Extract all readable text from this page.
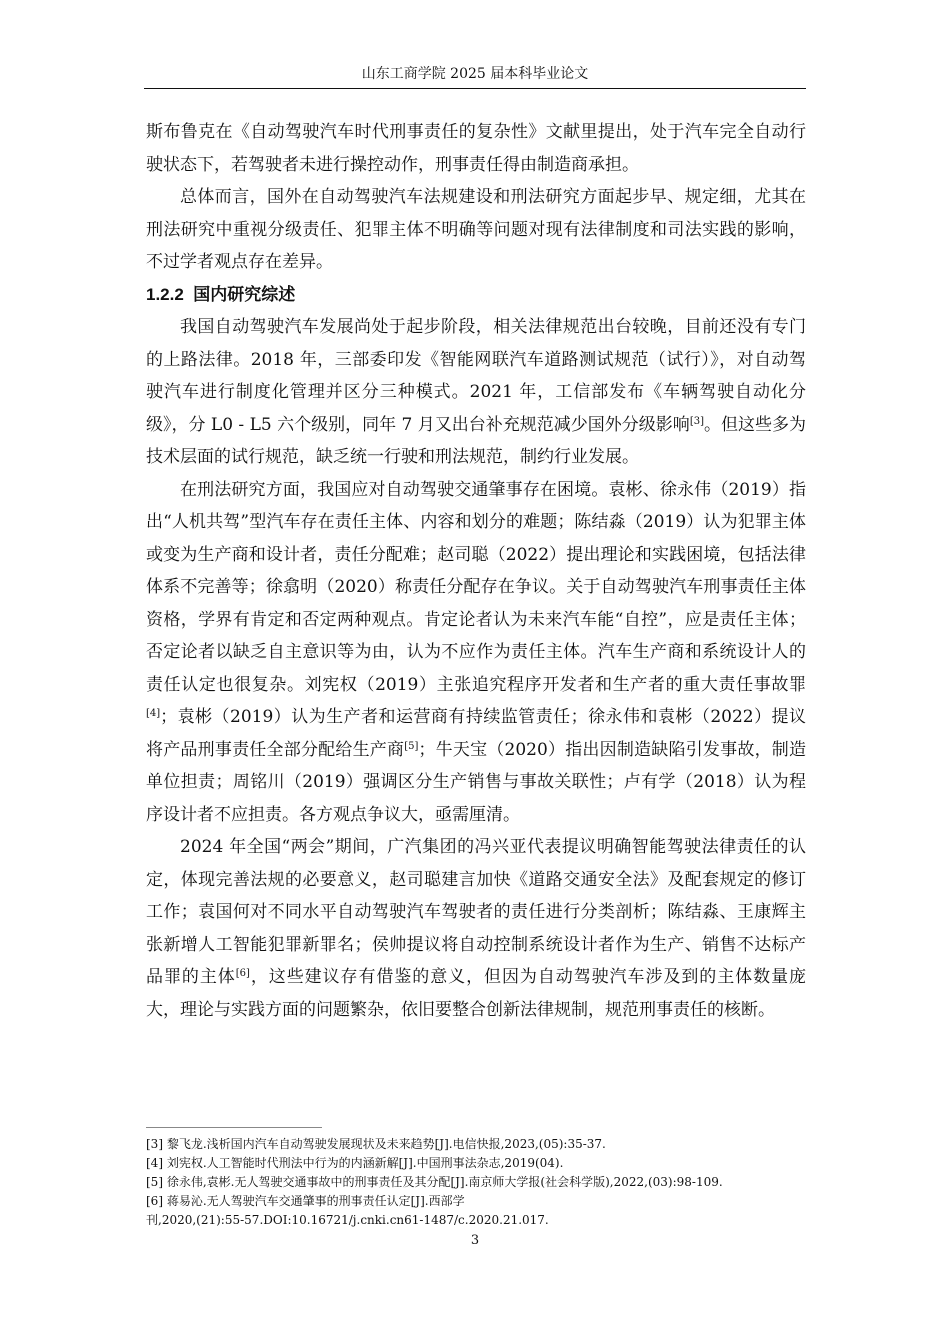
山东工商学院 2025 届本科毕业论文

斯布鲁克在《自动驾驶汽车时代刑事责任的复杂性》文献里提出，处于汽车完全自动行驶状态下，若驾驶者未进行操控动作，刑事责任得由制造商承担。

总体而言，国外在自动驾驶汽车法规建设和刑法研究方面起步早、规定细，尤其在刑法研究中重视分级责任、犯罪主体不明确等问题对现有法律制度和司法实践的影响，不过学者观点存在差异。

1.2.2 国内研究综述

我国自动驾驶汽车发展尚处于起步阶段，相关法律规范出台较晚，目前还没有专门的上路法律。2018 年，三部委印发《智能网联汽车道路测试规范（试行）》，对自动驾驶汽车进行制度化管理并区分三种模式。2021 年，工信部发布《车辆驾驶自动化分级》，分 L0 - L5 六个级别，同年 7 月又出台补充规范减少国外分级影响[3]。但这些多为技术层面的试行规范，缺乏统一行驶和刑法规范，制约行业发展。

在刑法研究方面，我国应对自动驾驶交通肇事存在困境。袁彬、徐永伟（2019）指出“人机共驾”型汽车存在责任主体、内容和划分的难题；陈结淼（2019）认为犯罪主体或变为生产商和设计者，责任分配难；赵司聪（2022）提出理论和实践困境，包括法律体系不完善等；徐翕明（2020）称责任分配存在争议。关于自动驾驶汽车刑事责任主体资格，学界有肯定和否定两种观点。肯定论者认为未来汽车能“自控”，应是责任主体；否定论者以缺乏自主意识等为由，认为不应作为责任主体。汽车生产商和系统设计人的责任认定也很复杂。刘宪权（2019）主张追究程序开发者和生产者的重大责任事故罪[4]；袁彬（2019）认为生产者和运营商有持续监管责任；徐永伟和袁彬（2022）提议将产品刑事责任全部分配给生产商[5]；牛天宝（2020）指出因制造缺陷引发事故，制造单位担责；周铭川（2019）强调区分生产销售与事故关联性；卢有学（2018）认为程序设计者不应担责。各方观点争议大，亟需厘清。

2024 年全国“两会”期间，广汽集团的冯兴亚代表提议明确智能驾驶法律责任的认定，体现完善法规的必要意义，赵司聪建言加快《道路交通安全法》及配套规定的修订工作；袁国何对不同水平自动驾驶汽车驾驶者的责任进行分类剖析；陈结淼、王康辉主张新增人工智能犯罪新罪名；侯帅提议将自动控制系统设计者作为生产、销售不达标产品罪的主体[6]，这些建议存有借鉴的意义，但因为自动驾驶汽车涉及到的主体数量庞大，理论与实践方面的问题繁杂，依旧要整合创新法律规制，规范刑事责任的核断。

[3] 黎飞龙.浅析国内汽车自动驾驶发展现状及未来趋势[J].电信快报,2023,(05):35-37.

[4] 刘宪权.人工智能时代刑法中行为的内涵新解[J].中国刑事法杂志,2019(04).

[5] 徐永伟,袁彬.无人驾驶交通事故中的刑事责任及其分配[J].南京师大学报(社会科学版),2022,(03):98-109.

[6] 蒋易沁.无人驾驶汽车交通肇事的刑事责任认定[J].西部学

刊,2020,(21):55-57.DOI:10.16721/j.cnki.cn61-1487/c.2020.21.017.

3
